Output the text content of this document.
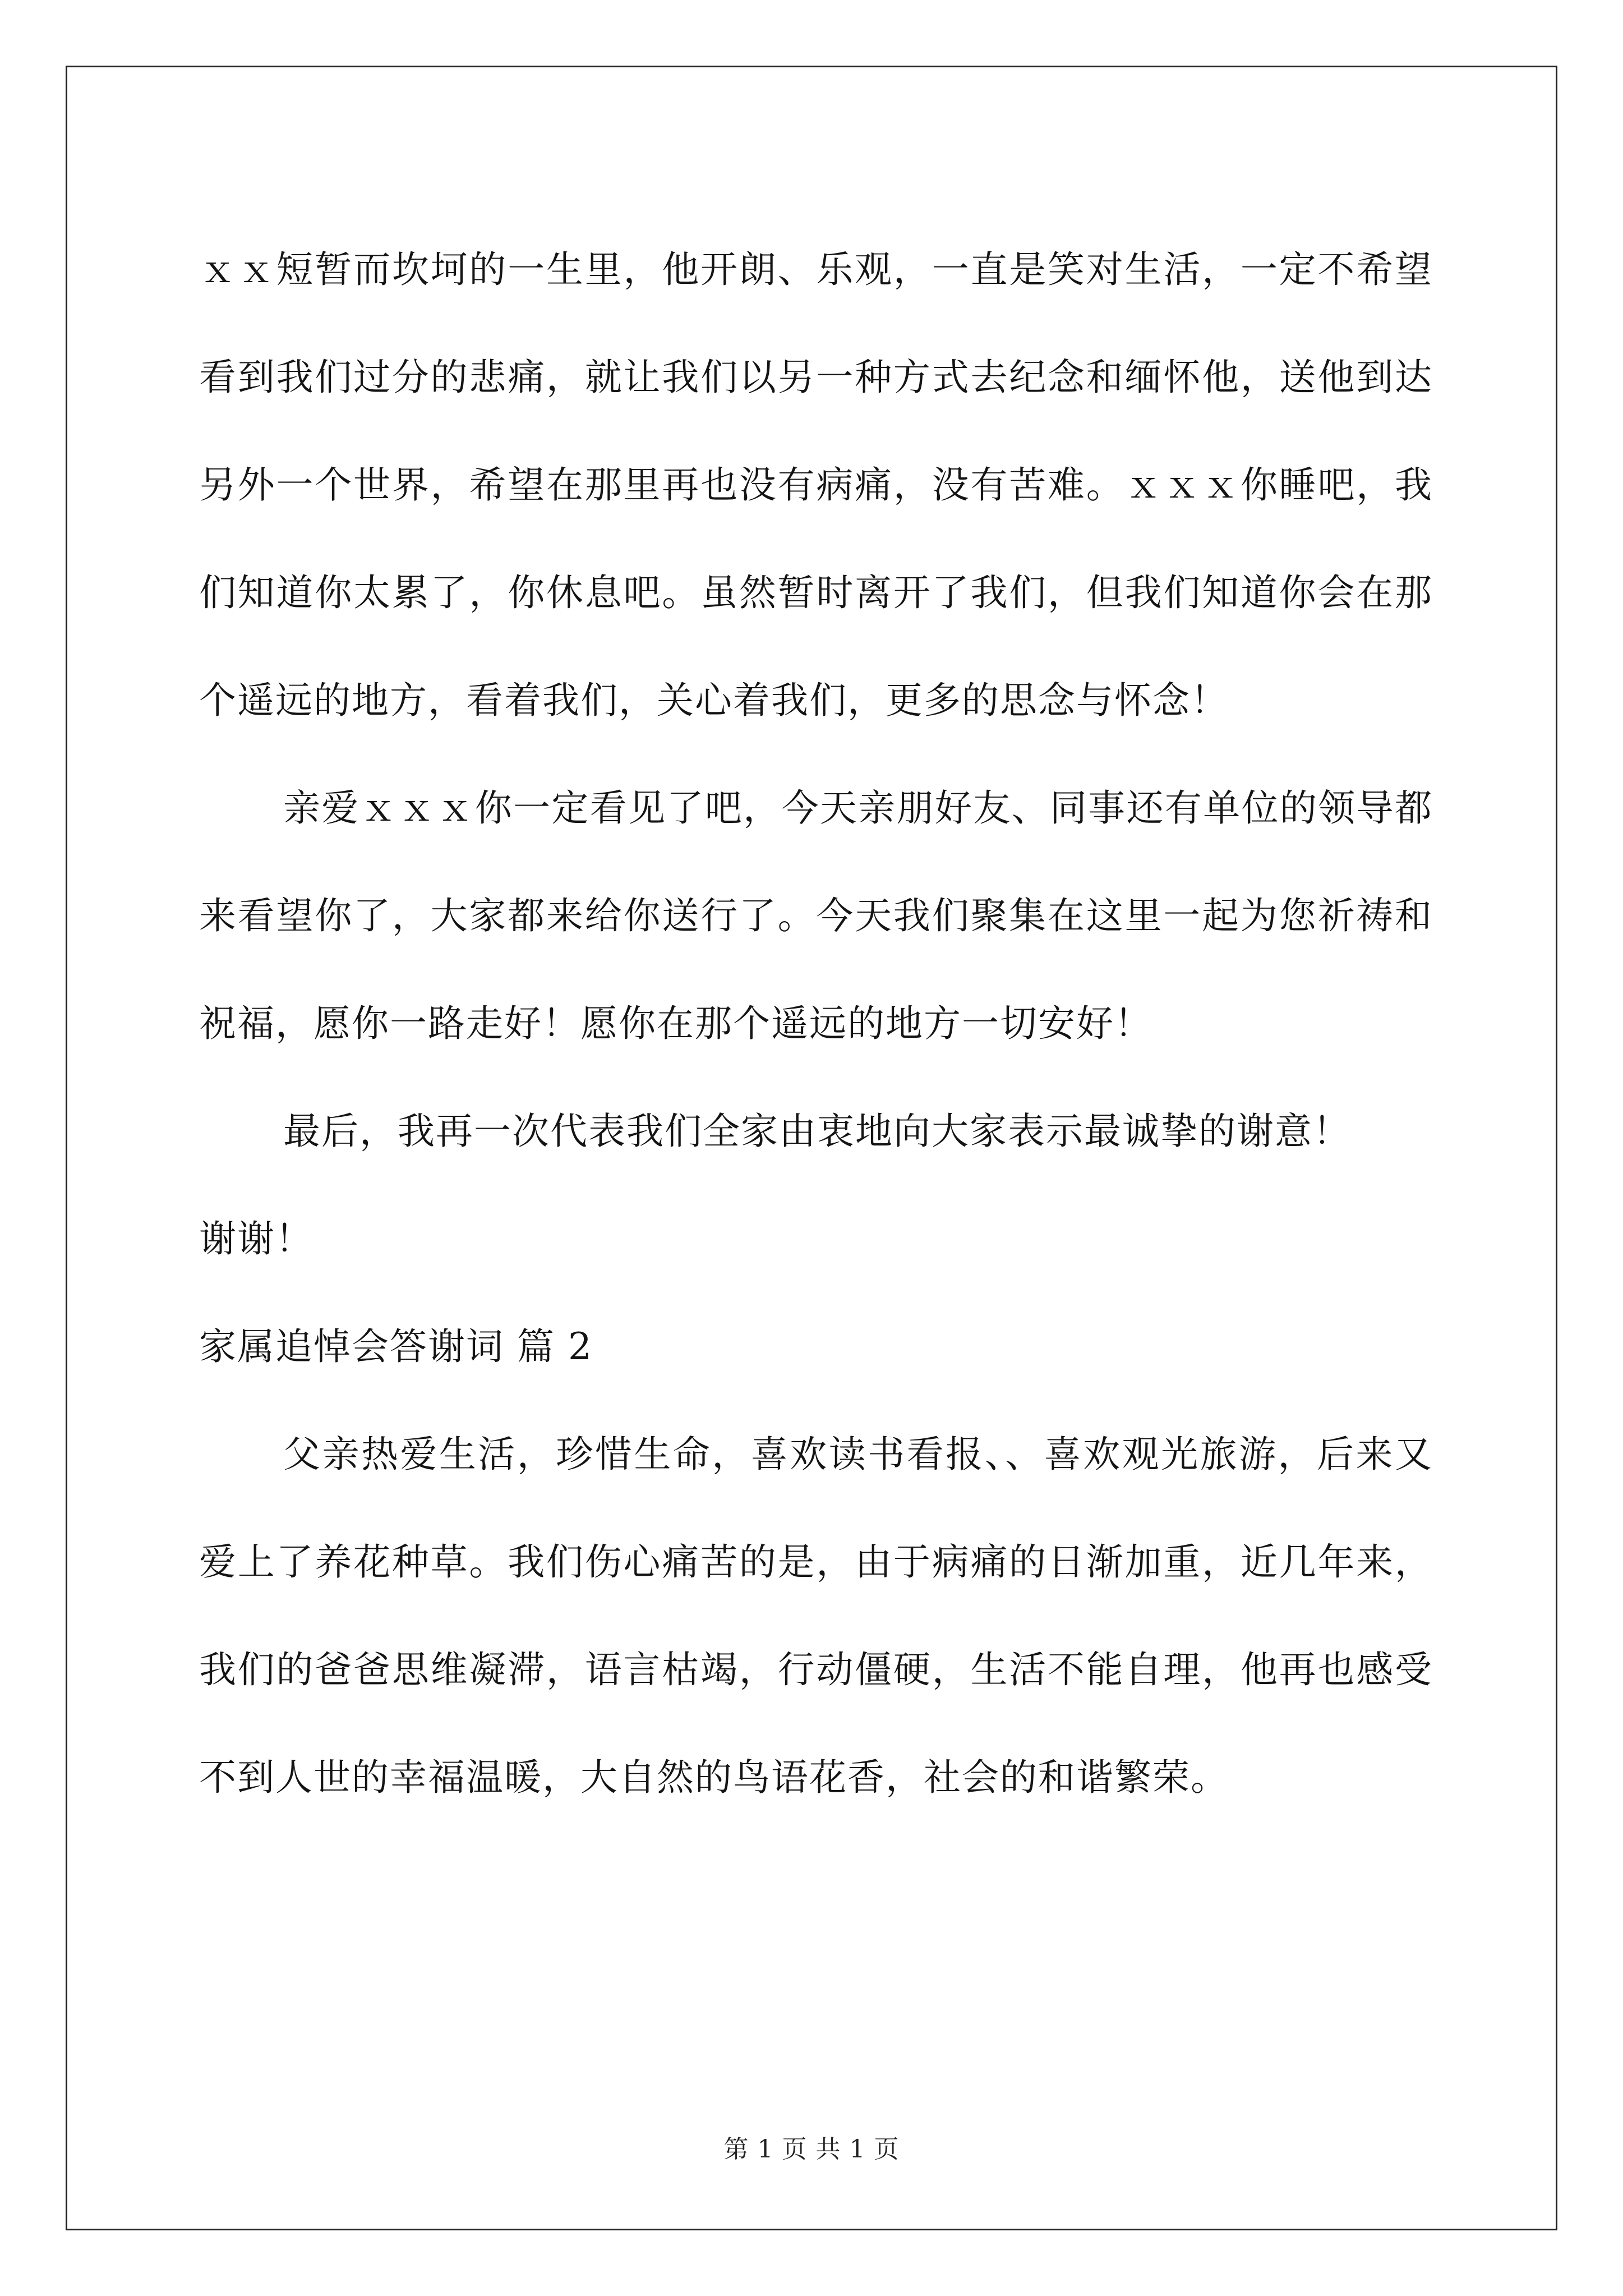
ｘｘ短暂而坎坷的一生里，他开朗、乐观，一直是笑对生活，一定不希望看到我们过分的悲痛，就让我们以另一种方式去纪念和缅怀他，送他到达另外一个世界，希望在那里再也没有病痛，没有苦难。ｘｘｘ你睡吧，我们知道你太累了，你休息吧。虽然暂时离开了我们，但我们知道你会在那个遥远的地方，看着我们，关心着我们，更多的思念与怀念！

亲爱ｘｘｘ你一定看见了吧，今天亲朋好友、同事还有单位的领导都来看望你了，大家都来给你送行了。今天我们聚集在这里一起为您祈祷和祝福，愿你一路走好！愿你在那个遥远的地方一切安好！

最后，我再一次代表我们全家由衷地向大家表示最诚挚的谢意！

谢谢！

家属追悼会答谢词 篇 2

父亲热爱生活，珍惜生命，喜欢读书看报、、喜欢观光旅游，后来又爱上了养花种草。我们伤心痛苦的是，由于病痛的日渐加重，近几年来，我们的爸爸思维凝滞，语言枯竭，行动僵硬，生活不能自理，他再也感受不到人世的幸福温暖，大自然的鸟语花香，社会的和谐繁荣。

第 1 页 共 1 页
